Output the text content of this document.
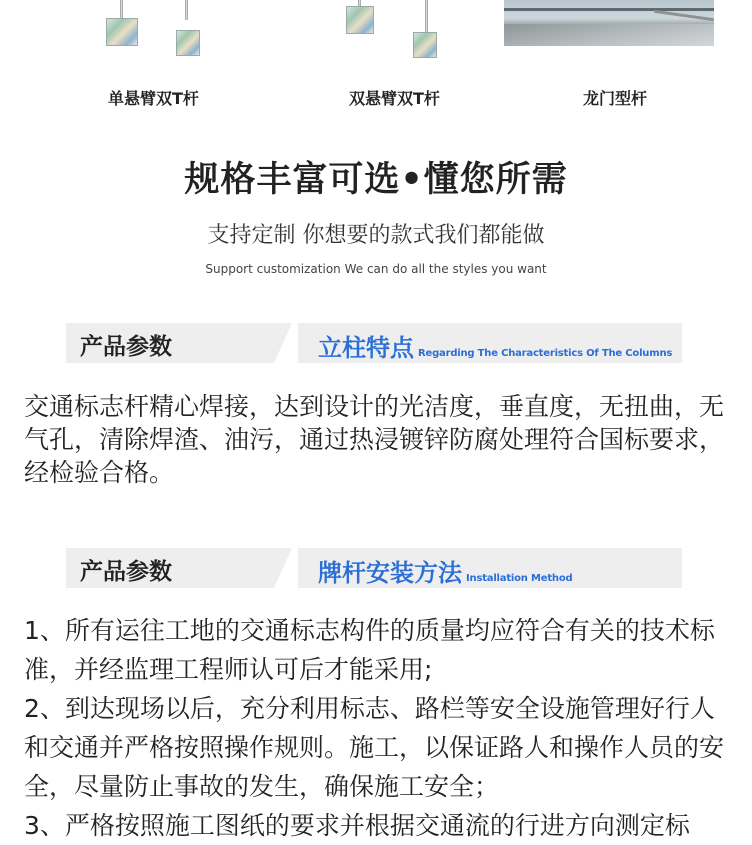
单悬臂双T杆	双悬臂双T杆	龙门型杆
规格丰富可选•懂您所需
支持定制 你想要的款式我们都能做
Support customization We can do all the styles you want
产品参数	立柱特点 Regarding The Characteristics Of The Columns
交通标志杆精心焊接，达到设计的光洁度，垂直度，无扭曲，无气孔，清除焊渣、油污，通过热浸镀锌防腐处理符合国标要求，经检验合格。
产品参数	牌杆安装方法 Installation Method

1、所有运往工地的交通标志构件的质量均应符合有关的技术标准，并经监理工程师认可后才能采用;

2、到达现场以后，充分利用标志、路栏等安全设施管理好行人和交通并严格按照操作规则。施工，以保证路人和操作人员的安全，尽量防止事故的发生，确保施工安全；

3、严格按照施工图纸的要求并根据交通流的行进方向测定标
